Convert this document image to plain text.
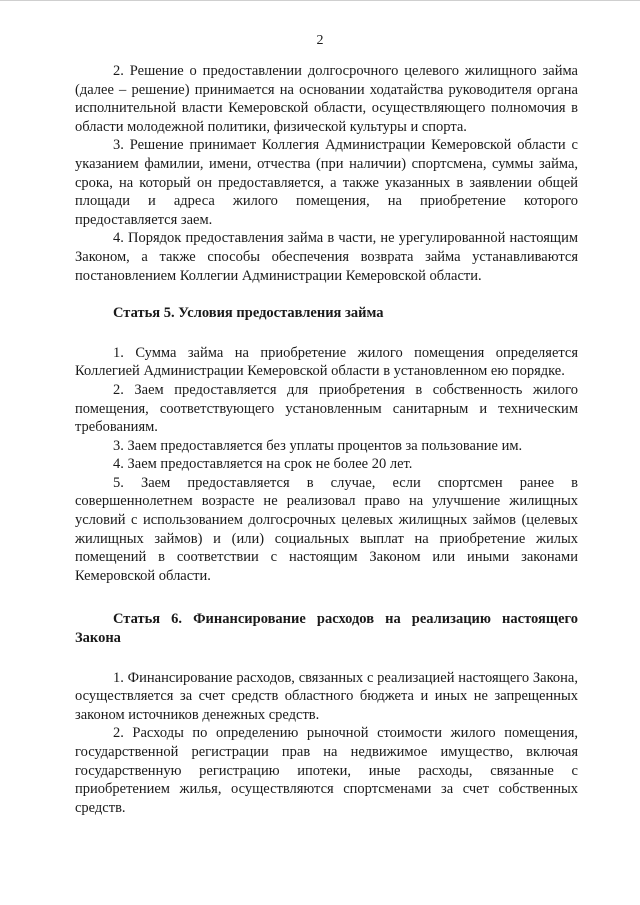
2

2. Решение о предоставлении долгосрочного целевого жилищного займа (далее – решение) принимается на основании ходатайства руководителя органа исполнительной власти Кемеровской области, осуществляющего полномочия в области молодежной политики, физической культуры и спорта.

3. Решение принимает Коллегия Администрации Кемеровской области с указанием фамилии, имени, отчества (при наличии) спортсмена, суммы займа, срока, на который он предоставляется, а также указанных в заявлении общей площади и адреса жилого помещения, на приобретение которого предоставляется заем.

4. Порядок предоставления займа в части, не урегулированной настоящим Законом, а также способы обеспечения возврата займа устанавливаются постановлением Коллегии Администрации Кемеровской области.

Статья 5. Условия предоставления займа

1. Сумма займа на приобретение жилого помещения определяется Коллегией Администрации Кемеровской области в установленном ею порядке.

2. Заем предоставляется для приобретения в собственность жилого помещения, соответствующего установленным санитарным и техническим требованиям.

3. Заем предоставляется без уплаты процентов за пользование им.

4. Заем предоставляется на срок не более 20 лет.

5. Заем предоставляется в случае, если спортсмен ранее в совершеннолетнем возрасте не реализовал право на улучшение жилищных условий с использованием долгосрочных целевых жилищных займов (целевых жилищных займов) и (или) социальных выплат на приобретение жилых помещений в соответствии с настоящим Законом или иными законами Кемеровской области.

Статья 6. Финансирование расходов на реализацию настоящего Закона

1. Финансирование расходов, связанных с реализацией настоящего Закона, осуществляется за счет средств областного бюджета и иных не запрещенных законом источников денежных средств.

2. Расходы по определению рыночной стоимости жилого помещения, государственной регистрации прав на недвижимое имущество, включая государственную регистрацию ипотеки, иные расходы, связанные с приобретением жилья, осуществляются спортсменами за счет собственных средств.
